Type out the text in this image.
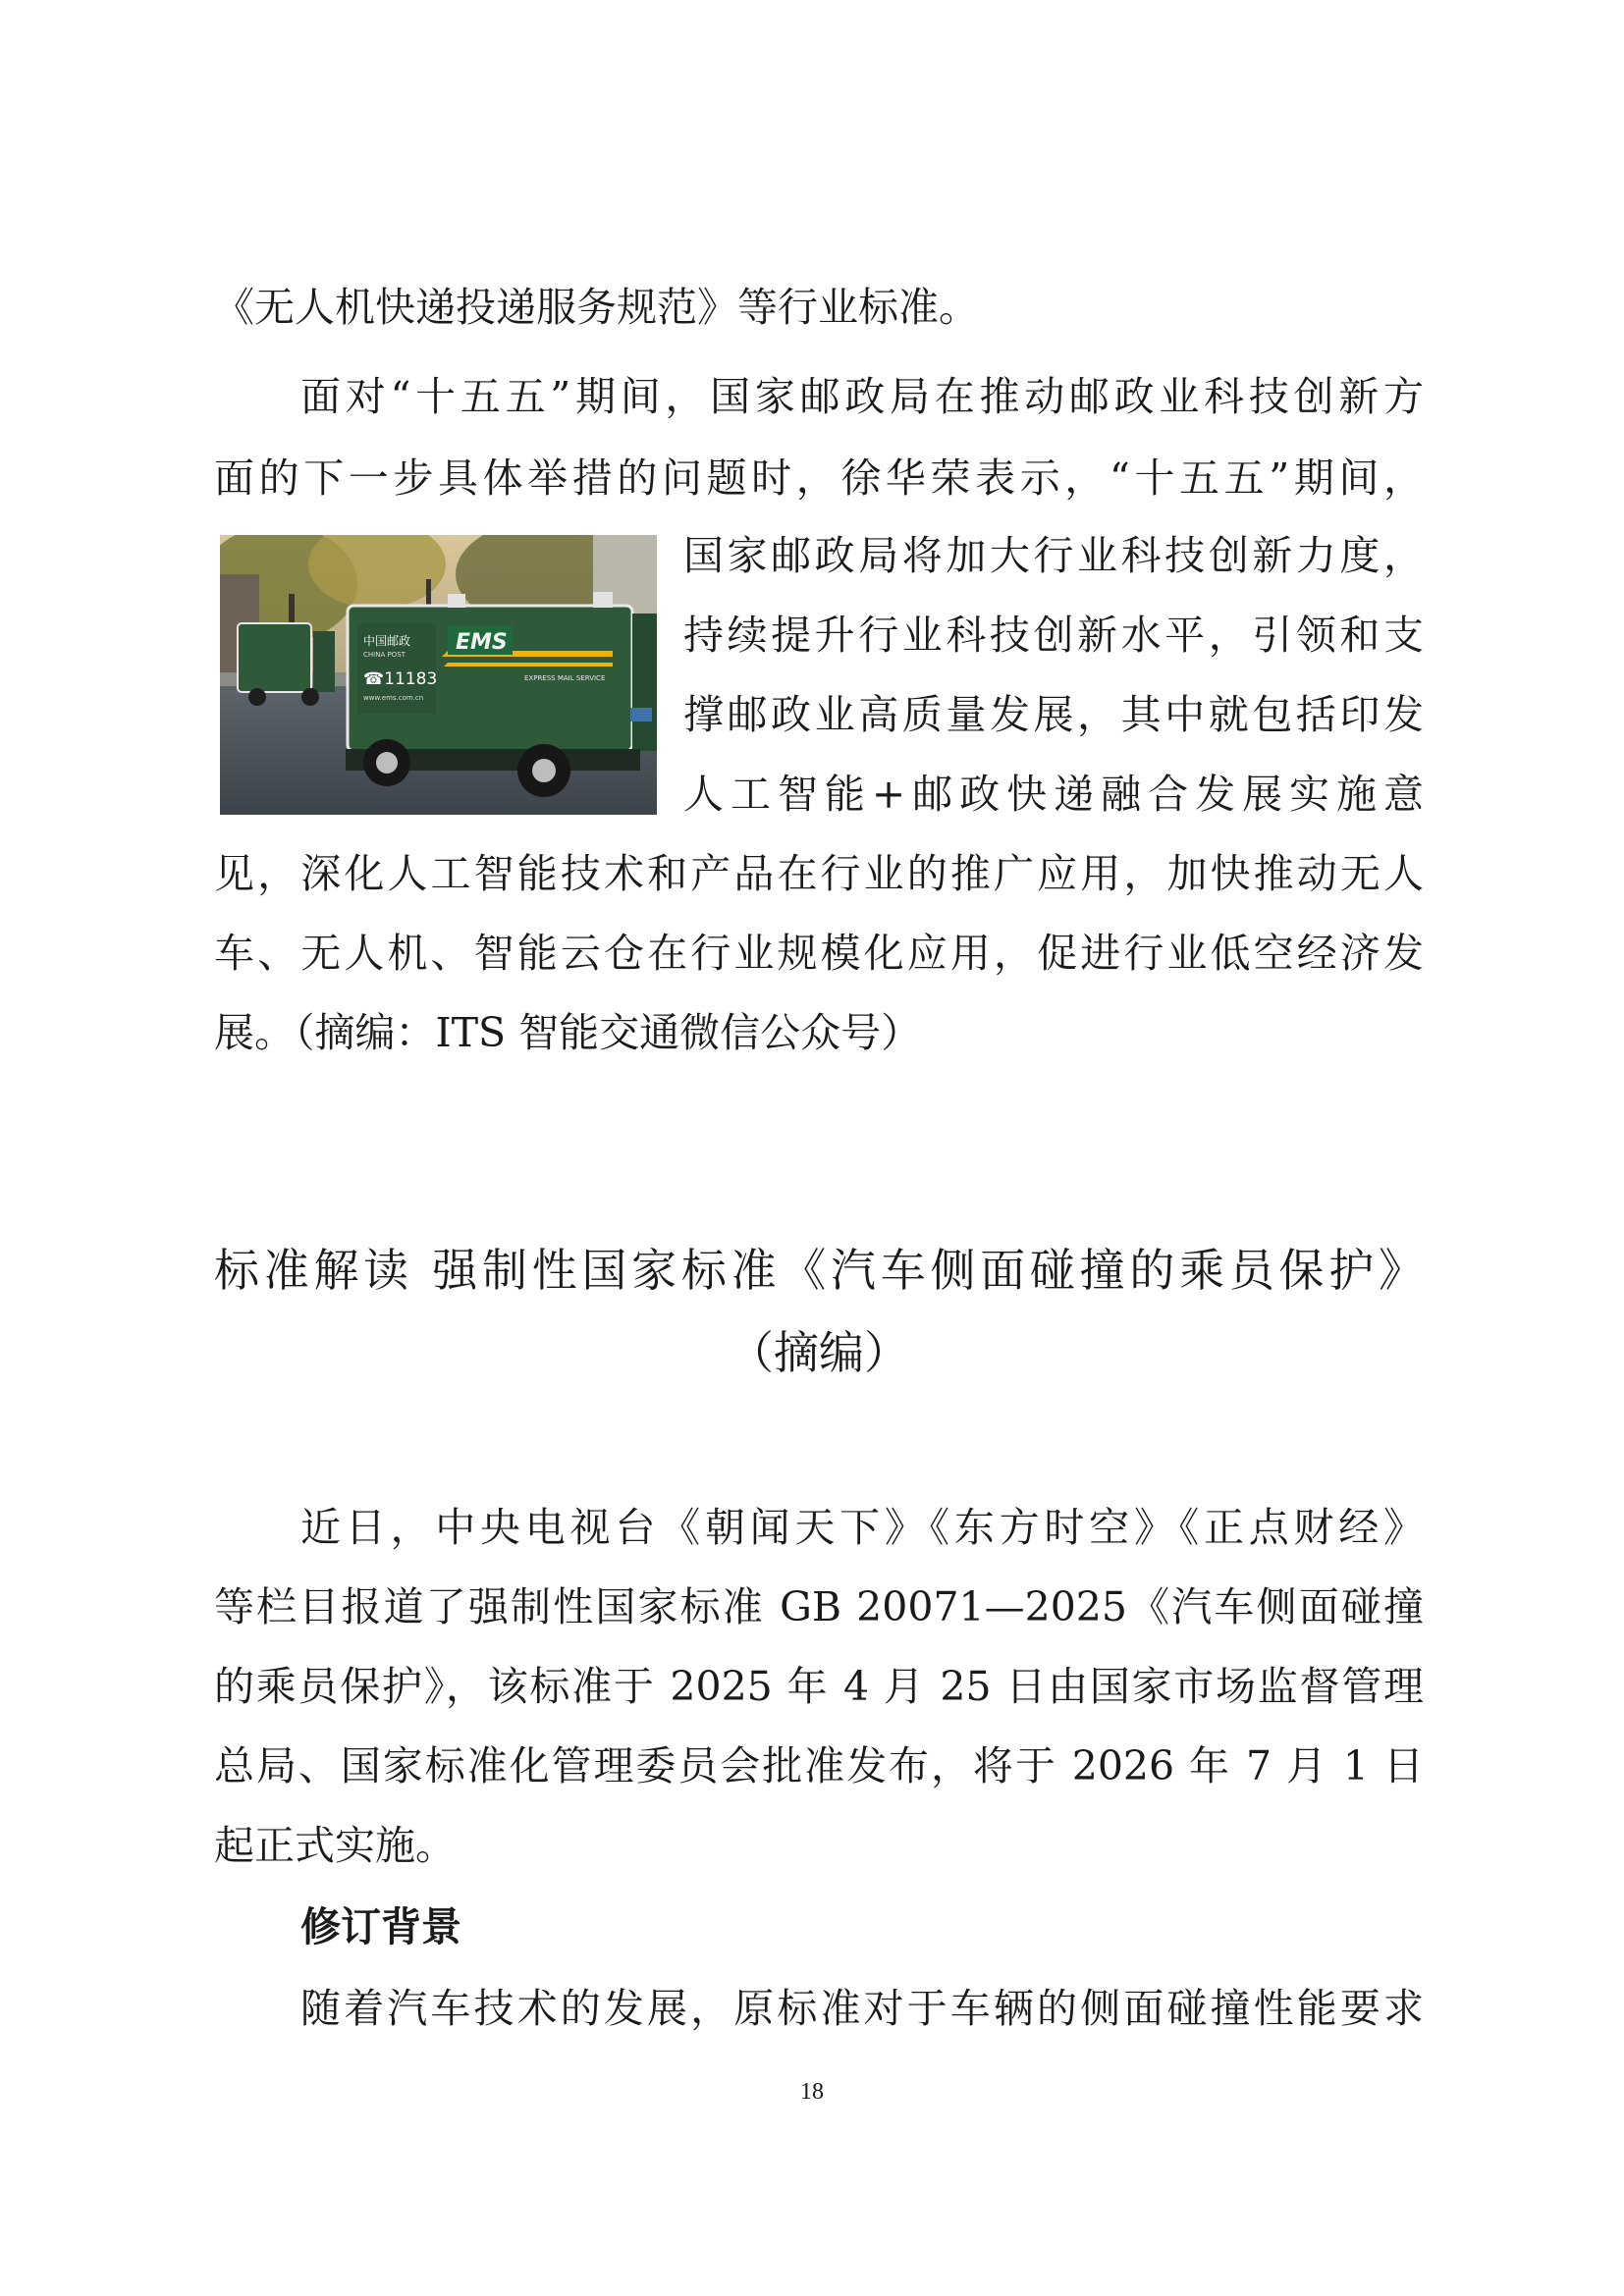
《无人机快递投递服务规范》等行业标准。
面对“十五五”期间，国家邮政局在推动邮政业科技创新方
面的下一步具体举措的问题时，徐华荣表示，“十五五”期间，
EMS
中国邮政
CHINA POST
☎11183
www.ems.com.cn
EXPRESS MAIL SERVICE
国家邮政局将加大行业科技创新力度，
持续提升行业科技创新水平，引领和支
撑邮政业高质量发展，其中就包括印发
人工智能+邮政快递融合发展实施意
见，深化人工智能技术和产品在行业的推广应用，加快推动无人
车、无人机、智能云仓在行业规模化应用，促进行业低空经济发
展。（摘编：ITS 智能交通微信公众号）
标准解读 强制性国家标准《汽车侧面碰撞的乘员保护》
（摘编）
近日，中央电视台《朝闻天下》《东方时空》《正点财经》
等栏目报道了强制性国家标准 GB 20071—2025《汽车侧面碰撞
的乘员保护》，该标准于 2025 年 4 月 25 日由国家市场监督管理
总局、国家标准化管理委员会批准发布，将于 2026 年 7 月 1 日
起正式实施。
修订背景
随着汽车技术的发展，原标准对于车辆的侧面碰撞性能要求
18
